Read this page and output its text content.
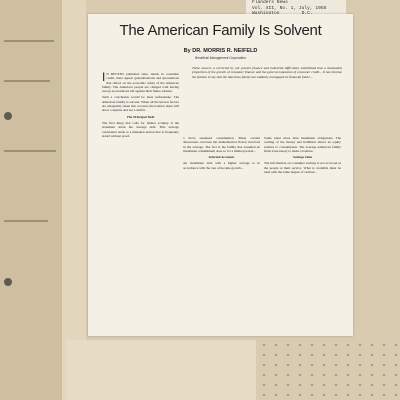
Flanders News
Vol. XII, No. 1, July, 1955
The American Family Is Solvent
By DR. MORRIS R. NEIFELD
Beneficial Management Corporation
These sources a corrected by our present finance and industrial difficulties established that a substantial proportion of the growth of consumer finance and the general expansion of consumer credit... It has become the fashion to say that the American family has suddenly mortgaged its financial future...

I N RECENT published state- ments in consumer credit, there appear generalizations and speculations that reflect on the economic safety of the American family. The American people are charged with having run up an enormous bill against their future salaries.

Such a conclusion would be most unfortunate. The American family is solvent. When all the known factors are adequately taken into account, the balance sheet will show a surplus and not a deficit.

The Principal Debt

The first thing that calls for further scrutiny is the statement about the average debt. This average calculation leads to a mistaken notion that is frequently stated without proof.

a more sustained consumption. Many current discussions overlook the mathematical fiction involved in the average. The fact is the family that assumed an instalment commitment does so for a limited period...

Selected Accounts

An instalment debt with a higher average is in accordance with the rate of income growth...

Some plant more than instalment obligations. The coming of the money and liabilities shows an equity relative to consumption. The average American family finds it necessary to make a balance.

Savings Data

The information on consumer savings is not as broad as the people at their service. What is available must be used with the same degree of caution...
